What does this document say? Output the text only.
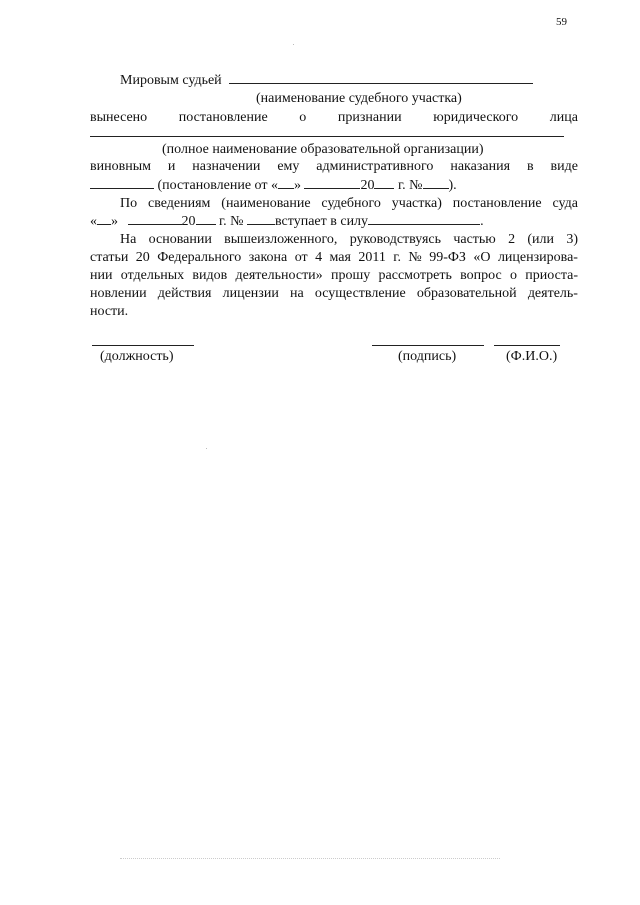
59
Мировым судьей
(наименование судебного участка)
вынесено постановление о признании юридического лица
(полное наименование образовательной организации)
виновным и назначении ему административного наказания в виде
(постановление от « »	20 г. № ).
По сведениям (наименование судебного участка) постановление суда
« »	20 г. № вступает в силу	.
На основании вышеизложенного, руководствуясь частью 2 (или 3)
статьи 20 Федерального закона от 4 мая 2011 г. № 99-ФЗ «О лицензирова-
нии отдельных видов деятельности» прошу рассмотреть вопрос о приоста-
новлении действия лицензии на осуществление образовательной деятель-
ности.
(должность)	(подпись)	(Ф.И.О.)
